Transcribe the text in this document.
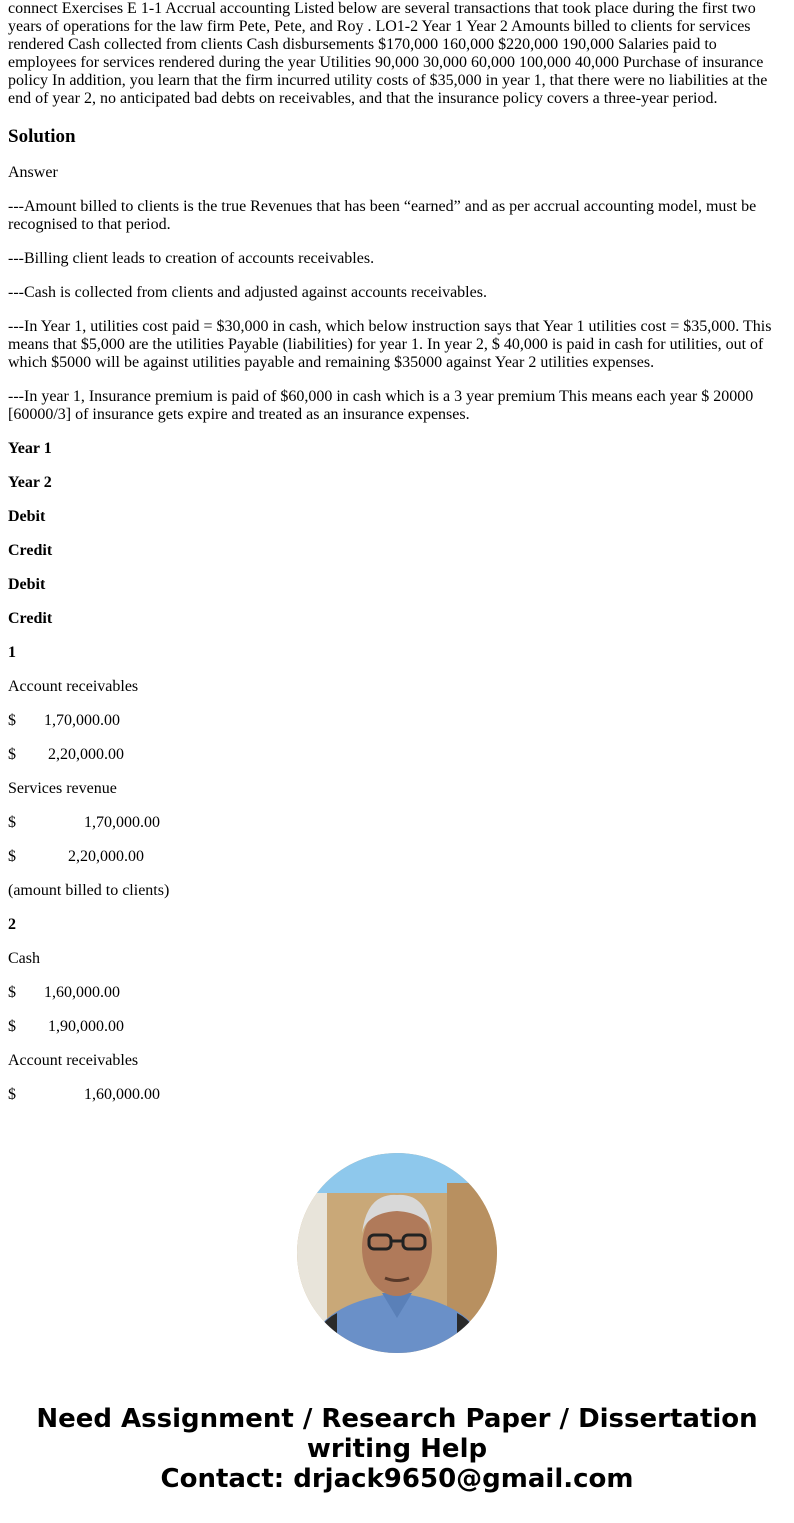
connect Exercises E 1-1 Accrual accounting Listed below are several transactions that took place during the first two years of operations for the law firm Pete, Pete, and Roy . LO1-2 Year 1 Year 2 Amounts billed to clients for services rendered Cash collected from clients Cash disbursements $170,000 160,000 $220,000 190,000 Salaries paid to employees for services rendered during the year Utilities 90,000 30,000 60,000 100,000 40,000 Purchase of insurance policy In addition, you learn that the firm incurred utility costs of $35,000 in year 1, that there were no liabilities at the end of year 2, no anticipated bad debts on receivables, and that the insurance policy covers a three-year period.

Solution

Answer

---Amount billed to clients is the true Revenues that has been “earned” and as per accrual accounting model, must be recognised to that period.

---Billing client leads to creation of accounts receivables.

---Cash is collected from clients and adjusted against accounts receivables.

---In Year 1, utilities cost paid = $30,000 in cash, which below instruction says that Year 1 utilities cost = $35,000. This means that $5,000 are the utilities Payable (liabilities) for year 1. In year 2, $ 40,000 is paid in cash for utilities, out of which $5000 will be against utilities payable and remaining $35000 against Year 2 utilities expenses.

---In year 1, Insurance premium is paid of $60,000 in cash which is a 3 year premium This means each year $ 20000 [60000/3] of insurance gets expire and treated as an insurance expenses.

Year 1

Year 2

Debit

Credit

Debit

Credit

1

Account receivables

$       1,70,000.00

$        2,20,000.00

Services revenue

$                 1,70,000.00

$             2,20,000.00

(amount billed to clients)

2

Cash

$       1,60,000.00

$        1,90,000.00

Account receivables

$                 1,60,000.00

Need Assignment / Research Paper / Dissertation
writing Help
Contact: drjack9650@gmail.com
